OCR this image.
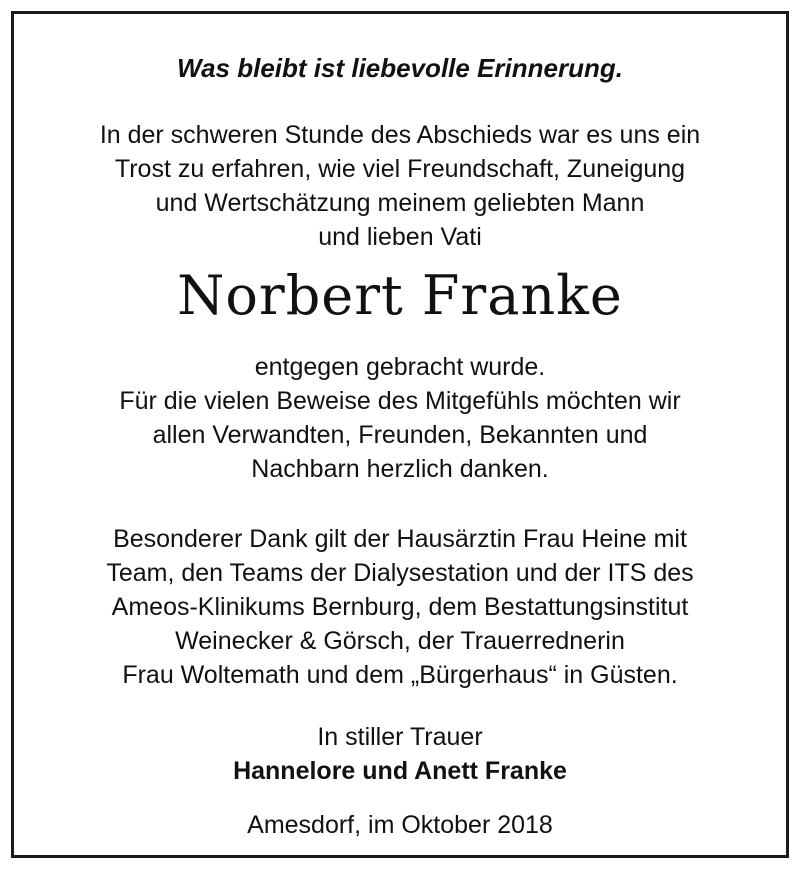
Was bleibt ist liebevolle Erinnerung.
In der schweren Stunde des Abschieds war es uns ein
Trost zu erfahren, wie viel Freundschaft, Zuneigung
und Wertschätzung meinem geliebten Mann
und lieben Vati
Norbert Franke
entgegen gebracht wurde.
Für die vielen Beweise des Mitgefühls möchten wir
allen Verwandten, Freunden, Bekannten und
Nachbarn herzlich danken.
Besonderer Dank gilt der Hausärztin Frau Heine mit
Team, den Teams der Dialysestation und der ITS des
Ameos-Klinikums Bernburg, dem Bestattungsinstitut
Weinecker & Görsch, der Trauerrednerin
Frau Woltemath und dem „Bürgerhaus“ in Güsten.
In stiller Trauer
Hannelore und Anett Franke
Amesdorf, im Oktober 2018
